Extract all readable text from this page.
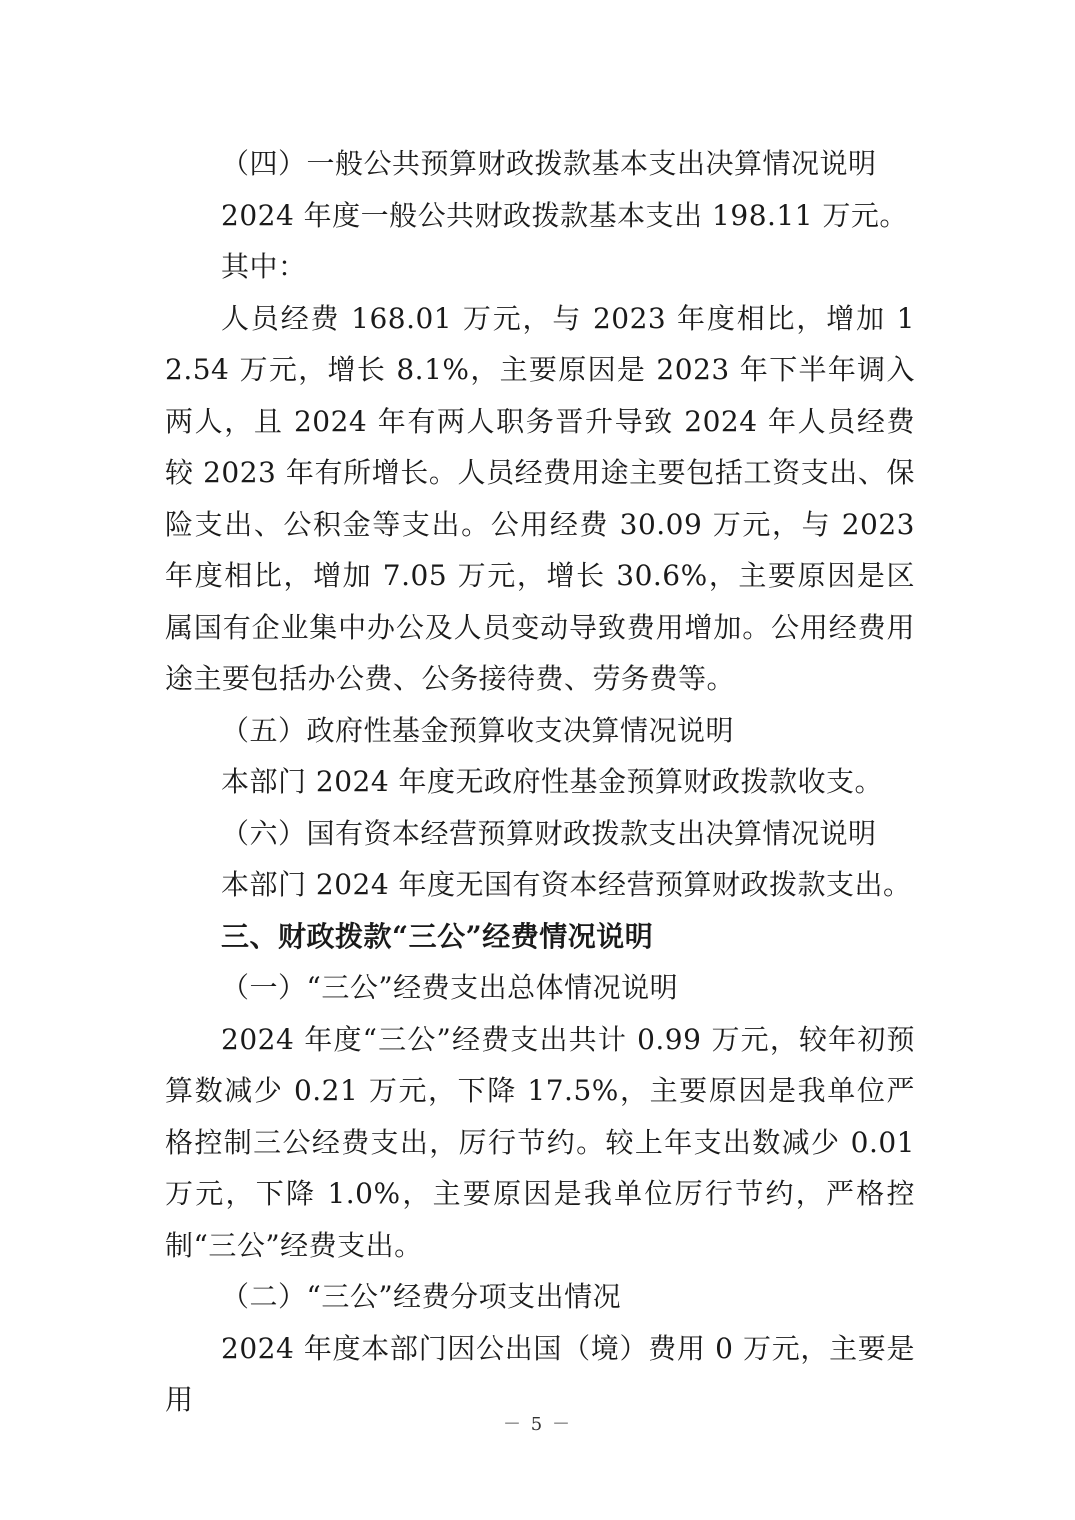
（四）一般公共预算财政拨款基本支出决算情况说明

2024 年度一般公共财政拨款基本支出 198.11 万元。

其中：

人员经费 168.01 万元，与 2023 年度相比，增加 12.54 万元，增长 8.1%，主要原因是 2023 年下半年调入两人，且 2024 年有两人职务晋升导致 2024 年人员经费较 2023 年有所增长。人员经费用途主要包括工资支出、保险支出、公积金等支出。公用经费 30.09 万元，与 2023 年度相比，增加 7.05 万元，增长 30.6%，主要原因是区属国有企业集中办公及人员变动导致费用增加。公用经费用途主要包括办公费、公务接待费、劳务费等。

（五）政府性基金预算收支决算情况说明

本部门 2024 年度无政府性基金预算财政拨款收支。

（六）国有资本经营预算财政拨款支出决算情况说明

本部门 2024 年度无国有资本经营预算财政拨款支出。

三、财政拨款“三公”经费情况说明

（一）“三公”经费支出总体情况说明

2024 年度“三公”经费支出共计 0.99 万元，较年初预算数减少 0.21 万元，下降 17.5%，主要原因是我单位严格控制三公经费支出，厉行节约。较上年支出数减少 0.01 万元，下降 1.0%，主要原因是我单位厉行节约，严格控制“三公”经费支出。

（二）“三公”经费分项支出情况

2024 年度本部门因公出国（境）费用 0 万元，主要是用

－ 5 －
